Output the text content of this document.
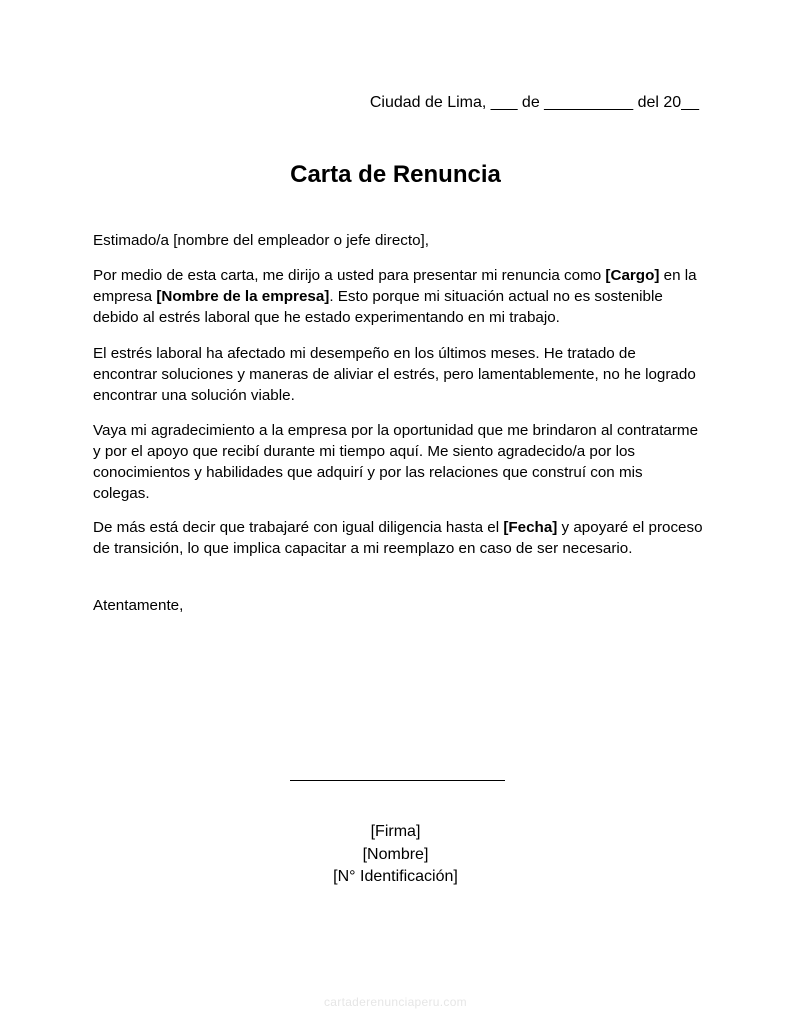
Ciudad de Lima, ___ de __________ del 20__
Carta de Renuncia

Estimado/a [nombre del empleador o jefe directo],

Por medio de esta carta, me dirijo a usted para presentar mi renuncia como [Cargo] en la empresa [Nombre de la empresa]. Esto porque mi situación actual no es sostenible debido al estrés laboral que he estado experimentando en mi trabajo.

El estrés laboral ha afectado mi desempeño en los últimos meses. He tratado de encontrar soluciones y maneras de aliviar el estrés, pero lamentablemente, no he logrado encontrar una solución viable.

Vaya mi agradecimiento a la empresa por la oportunidad que me brindaron al contratarme y por el apoyo que recibí durante mi tiempo aquí. Me siento agradecido/a por los conocimientos y habilidades que adquirí y por las relaciones que construí con mis colegas.

De más está decir que trabajaré con igual diligencia hasta el [Fecha] y apoyaré el proceso de transición, lo que implica capacitar a mi reemplazo en caso de ser necesario.

Atentamente,

[Firma]
[Nombre]
[N° Identificación]
cartaderenunciaperu.com
